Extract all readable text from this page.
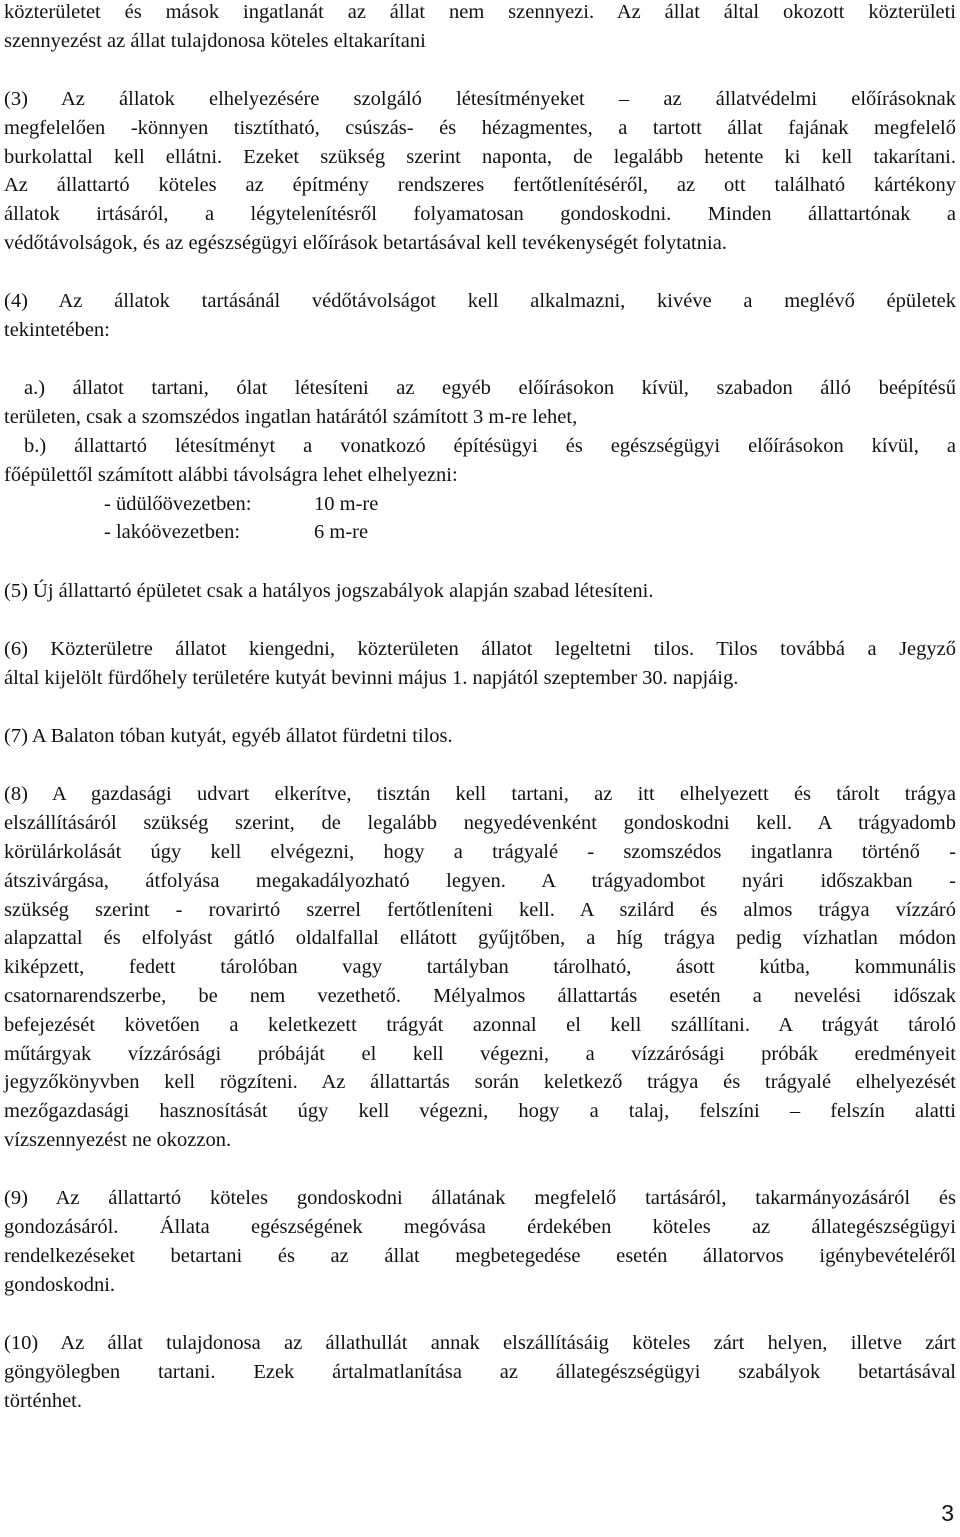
közterületet és mások ingatlanát az állat nem szennyezi. Az állat által okozott közterületi
szennyezést az állat tulajdonosa köteles eltakarítani
(3) Az állatok elhelyezésére szolgáló létesítményeket – az állatvédelmi előírásoknak
megfelelően -könnyen tisztítható, csúszás- és hézagmentes, a tartott állat fajának megfelelő
burkolattal kell ellátni. Ezeket szükség szerint naponta, de legalább hetente ki kell takarítani.
Az állattartó köteles az építmény rendszeres fertőtlenítéséről, az ott található kártékony
állatok irtásáról, a légytelenítésről folyamatosan gondoskodni. Minden állattartónak a
védőtávolságok, és az egészségügyi előírások betartásával kell tevékenységét folytatnia.
(4) Az állatok tartásánál védőtávolságot kell alkalmazni, kivéve a meglévő épületek
tekintetében:
a.) állatot tartani, ólat létesíteni az egyéb előírásokon kívül, szabadon álló beépítésű
területen, csak a szomszédos ingatlan határától számított 3 m-re lehet,
b.) állattartó létesítményt a vonatkozó építésügyi és egészségügyi előírásokon kívül, a
főépülettől számított alábbi távolságra lehet elhelyezni:
- üdülőövezetben:	10 m-re
- lakóövezetben:	6 m-re
(5) Új állattartó épületet csak a hatályos jogszabályok alapján szabad létesíteni.
(6) Közterületre állatot kiengedni, közterületen állatot legeltetni tilos. Tilos továbbá a Jegyző
által kijelölt fürdőhely területére kutyát bevinni május 1. napjától szeptember 30. napjáig.
(7) A Balaton tóban kutyát, egyéb állatot fürdetni tilos.
(8) A gazdasági udvart elkerítve, tisztán kell tartani, az itt elhelyezett és tárolt trágya
elszállításáról szükség szerint, de legalább negyedévenként gondoskodni kell. A trágyadomb
körülárkolását úgy kell elvégezni, hogy a trágyalé - szomszédos ingatlanra történő -
átszivárgása, átfolyása megakadályozható legyen. A trágyadombot nyári időszakban -
szükség szerint - rovarirtó szerrel fertőtleníteni kell. A szilárd és almos trágya vízzáró
alapzattal és elfolyást gátló oldalfallal ellátott gyűjtőben, a híg trágya pedig vízhatlan módon
kiképzett, fedett tárolóban vagy tartályban tárolható, ásott kútba, kommunális
csatornarendszerbe, be nem vezethető. Mélyalmos állattartás esetén a nevelési időszak
befejezését követően a keletkezett trágyát azonnal el kell szállítani. A trágyát tároló
műtárgyak vízzárósági próbáját el kell végezni, a vízzárósági próbák eredményeit
jegyzőkönyvben kell rögzíteni. Az állattartás során keletkező trágya és trágyalé elhelyezését
mezőgazdasági hasznosítását úgy kell végezni, hogy a talaj, felszíni – felszín alatti
vízszennyezést ne okozzon.
(9) Az állattartó köteles gondoskodni állatának megfelelő tartásáról, takarmányozásáról és
gondozásáról. Állata egészségének megóvása érdekében köteles az állategészségügyi
rendelkezéseket betartani és az állat megbetegedése esetén állatorvos igénybevételéről
gondoskodni.
(10) Az állat tulajdonosa az állathullát annak elszállításáig köteles zárt helyen, illetve zárt
göngyölegben tartani. Ezek ártalmatlanítása az állategészségügyi szabályok betartásával
történhet.
3
